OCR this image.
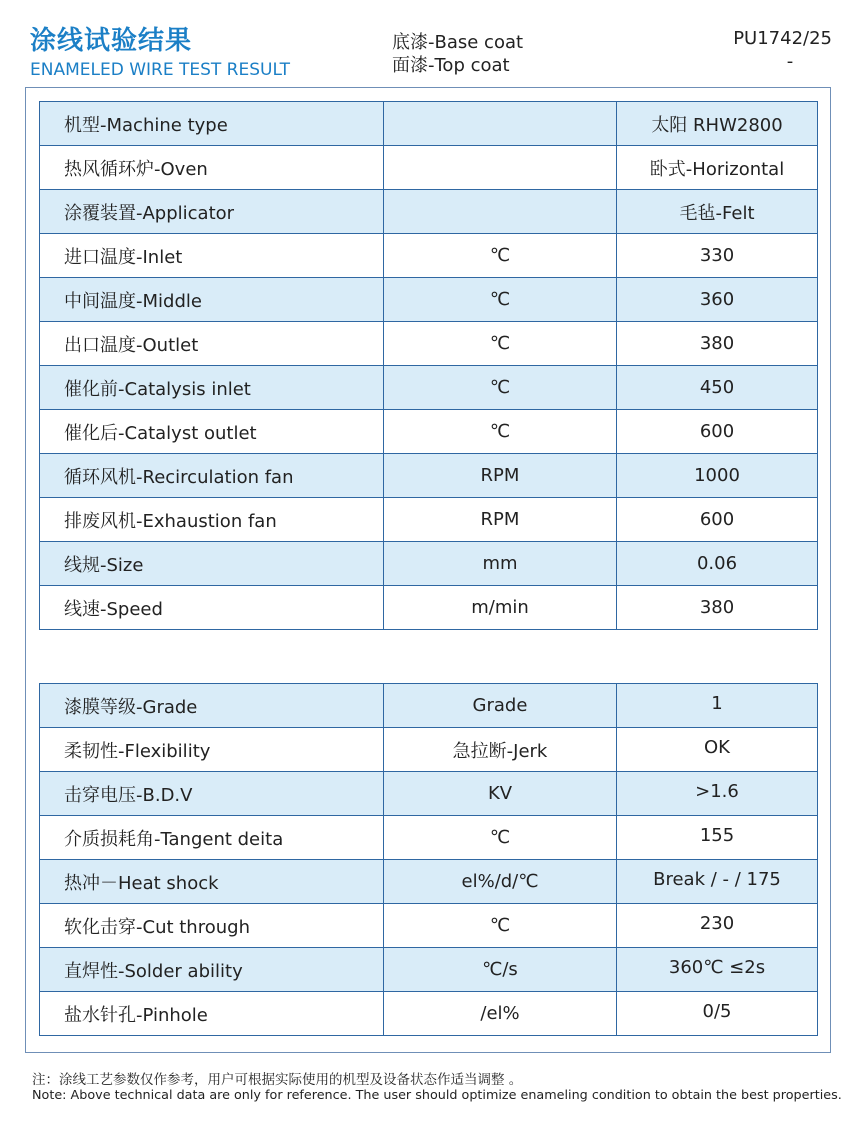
涂线试验结果
ENAMELED WIRE TEST RESULT
底漆-Base coat
面漆-Top coat
PU1742/25
-
机型-Machine type		太阳 RHW2800
热风循环炉-Oven		卧式-Horizontal
涂覆装置-Applicator		毛毡-Felt
进口温度-Inlet	℃	330
中间温度-Middle	℃	360
出口温度-Outlet	℃	380
催化前-Catalysis inlet	℃	450
催化后-Catalyst outlet	℃	600
循环风机-Recirculation fan	RPM	1000
排废风机-Exhaustion fan	RPM	600
线规-Size	mm	0.06
线速-Speed	m/min	380
漆膜等级-Grade	Grade	1
柔韧性-Flexibility	急拉断-Jerk	OK
击穿电压-B.D.V	KV	>1.6
介质损耗角-Tangent deita	℃	155
热冲－Heat shock	el%/d/℃	Break / - / 175
软化击穿-Cut through	℃	230
直焊性-Solder ability	℃/s	360℃ ≤2s
盐水针孔-Pinhole	/el%	0/5
注：涂线工艺参数仅作参考，用户可根据实际使用的机型及设备状态作适当调整 。
Note: Above technical data are only for reference. The user should optimize enameling condition to obtain the best properties.
